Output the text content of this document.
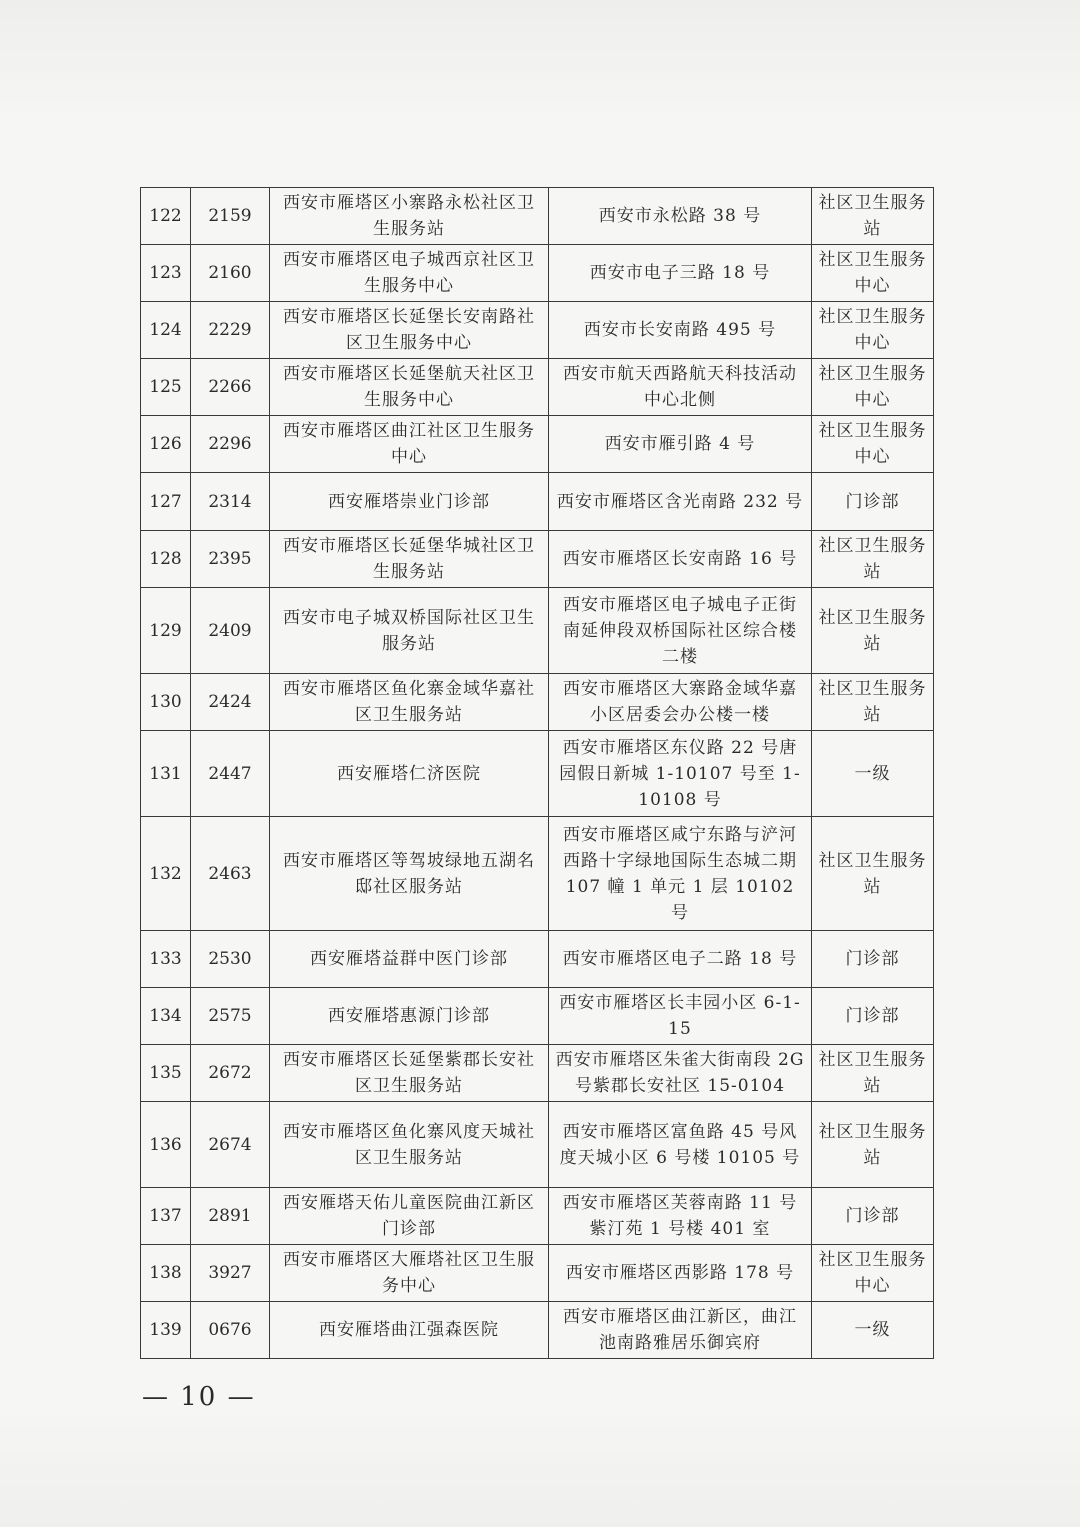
122	2159	西安市雁塔区小寨路永松社区卫生服务站	西安市永松路 38 号	社区卫生服务站
123	2160	西安市雁塔区电子城西京社区卫生服务中心	西安市电子三路 18 号	社区卫生服务中心
124	2229	西安市雁塔区长延堡长安南路社区卫生服务中心	西安市长安南路 495 号	社区卫生服务中心
125	2266	西安市雁塔区长延堡航天社区卫生服务中心	西安市航天西路航天科技活动中心北侧	社区卫生服务中心
126	2296	西安市雁塔区曲江社区卫生服务中心	西安市雁引路 4 号	社区卫生服务中心
127	2314	西安雁塔崇业门诊部	西安市雁塔区含光南路 232 号	门诊部
128	2395	西安市雁塔区长延堡华城社区卫生服务站	西安市雁塔区长安南路 16 号	社区卫生服务站
129	2409	西安市电子城双桥国际社区卫生服务站	西安市雁塔区电子城电子正街南延伸段双桥国际社区综合楼二楼	社区卫生服务站
130	2424	西安市雁塔区鱼化寨金域华嘉社区卫生服务站	西安市雁塔区大寨路金域华嘉小区居委会办公楼一楼	社区卫生服务站
131	2447	西安雁塔仁济医院	西安市雁塔区东仪路 22 号唐园假日新城 1-10107 号至 1-10108 号	一级
132	2463	西安市雁塔区等驾坡绿地五湖名邸社区服务站	西安市雁塔区咸宁东路与浐河西路十字绿地国际生态城二期 107 幢 1 单元 1 层 10102 号	社区卫生服务站
133	2530	西安雁塔益群中医门诊部	西安市雁塔区电子二路 18 号	门诊部
134	2575	西安雁塔惠源门诊部	西安市雁塔区长丰园小区 6-1-15	门诊部
135	2672	西安市雁塔区长延堡紫郡长安社区卫生服务站	西安市雁塔区朱雀大街南段 2G 号紫郡长安社区 15-0104	社区卫生服务站
136	2674	西安市雁塔区鱼化寨风度天城社区卫生服务站	西安市雁塔区富鱼路 45 号风度天城小区 6 号楼 10105 号	社区卫生服务站
137	2891	西安雁塔天佑儿童医院曲江新区门诊部	西安市雁塔区芙蓉南路 11 号紫汀苑 1 号楼 401 室	门诊部
138	3927	西安市雁塔区大雁塔社区卫生服务中心	西安市雁塔区西影路 178 号	社区卫生服务中心
139	0676	西安雁塔曲江强森医院	西安市雁塔区曲江新区，曲江池南路雅居乐御宾府	一级
— 10 —
